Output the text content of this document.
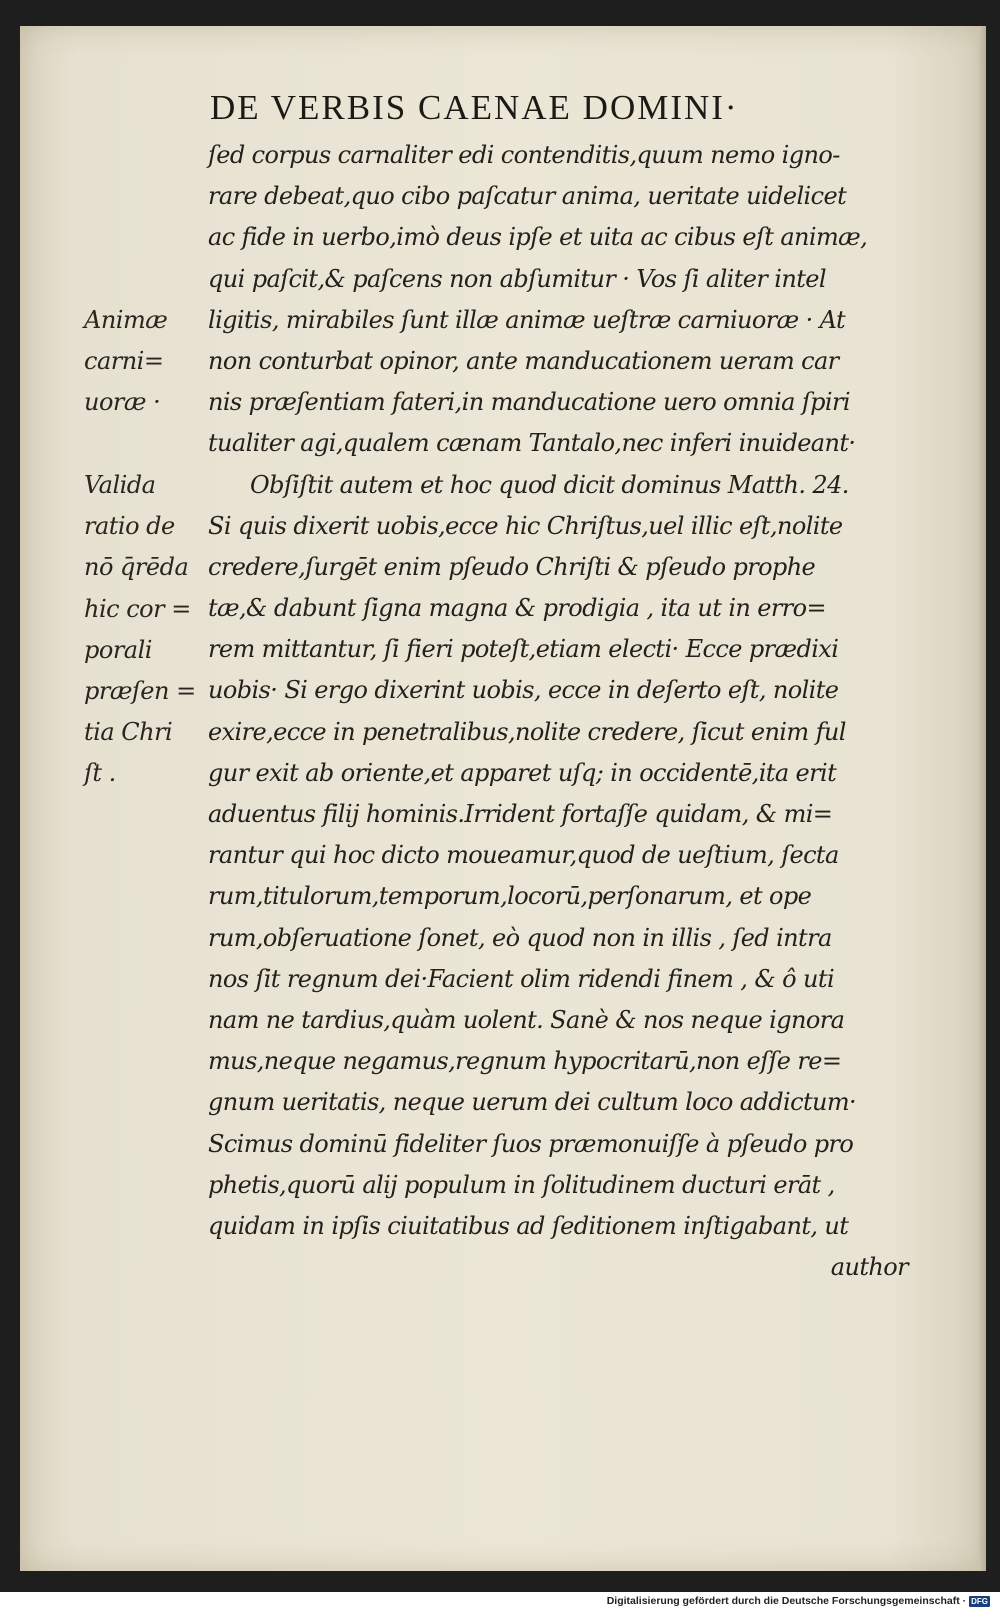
DE VERBIS CAENAE DOMINI·
ſed corpus carnaliter edi contenditis,quum nemo igno‑
rare debeat,quo cibo paſcatur anima, ueritate uidelicet
ac fide in uerbo,imò deus ipſe et uita ac cibus eſt animæ,
qui paſcit,& paſcens non abſumitur · Vos ſi aliter intel
ligitis, mirabiles ſunt illæ animæ ueſtræ carniuoræ · At
non conturbat opinor, ante manducationem ueram car
nis præſentiam fateri,in manducatione uero omnia ſpiri
tualiter agi,qualem cænam Tantalo,nec inferi inuideant·
Obſiſtit autem et hoc quod dicit dominus Matth. 24.
Si quis dixerit uobis,ecce hic Chriſtus,uel illic eſt,nolite
credere,ſurgēt enim pſeudo Chriſti & pſeudo prophe
tæ,& dabunt ſigna magna & prodigia , ita ut in erro=
rem mittantur, ſi fieri poteſt,etiam electi· Ecce prædixi
uobis· Si ergo dixerint uobis, ecce in deſerto eſt, nolite
exire,ecce in penetralibus,nolite credere, ſicut enim ful
gur exit ab oriente,et apparet uſq; in occidentē,ita erit
aduentus filij hominis.Irrident fortaſſe quidam, & mi=
rantur qui hoc dicto moueamur,quod de ueſtium, ſecta
rum,titulorum,temporum,locorū,perſonarum, et ope
rum,obſeruatione ſonet, eò quod non in illis , ſed intra
nos ſit regnum dei·Facient olim ridendi finem , & ô uti
nam ne tardius,quàm uolent. Sanè & nos neque ignora
mus,neque negamus,regnum hypocritarū,non eſſe re=
gnum ueritatis, neque uerum dei cultum loco addictum·
Scimus dominū fideliter ſuos præmonuiſſe à pſeudo pro
phetis,quorū alij populum in ſolitudinem ducturi erāt ,
quidam in ipſis ciuitatibus ad ſeditionem inſtigabant, ut
author
Animæ
carni=
uoræ ·
Valida
ratio de
nō q̄rēda
hic cor =
porali
præſen =
tia Chri
ſt .
Digitalisierung gefördert durch die Deutsche Forschungsgemeinschaft · DFG
